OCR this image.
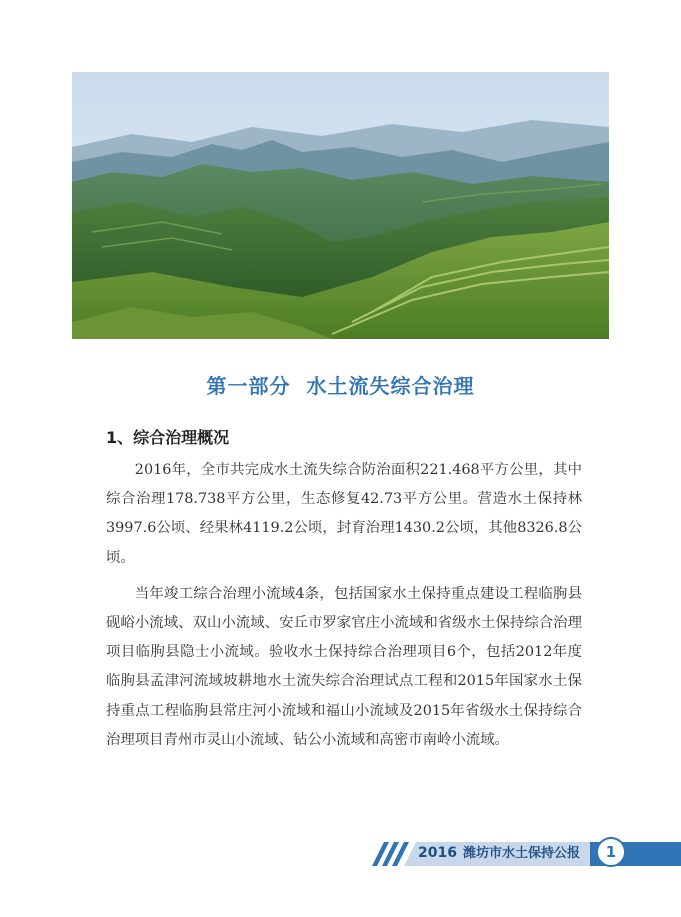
第一部分 水土流失综合治理
1、综合治理概况

2016年，全市共完成水土流失综合防治面积221.468平方公里，其中综合治理178.738平方公里，生态修复42.73平方公里。营造水土保持林3997.6公顷、经果林4119.2公顷，封育治理1430.2公顷，其他8326.8公顷。

当年竣工综合治理小流域4条，包括国家水土保持重点建设工程临朐县砚峪小流域、双山小流域、安丘市罗家官庄小流域和省级水土保持综合治理项目临朐县隐士小流域。验收水土保持综合治理项目6个，包括2012年度临朐县孟津河流域坡耕地水土流失综合治理试点工程和2015年国家水土保持重点工程临朐县常庄河小流域和福山小流域及2015年省级水土保持综合治理项目青州市灵山小流域、钻公小流域和高密市南岭小流域。

2016 潍坊市水土保持公报	1
